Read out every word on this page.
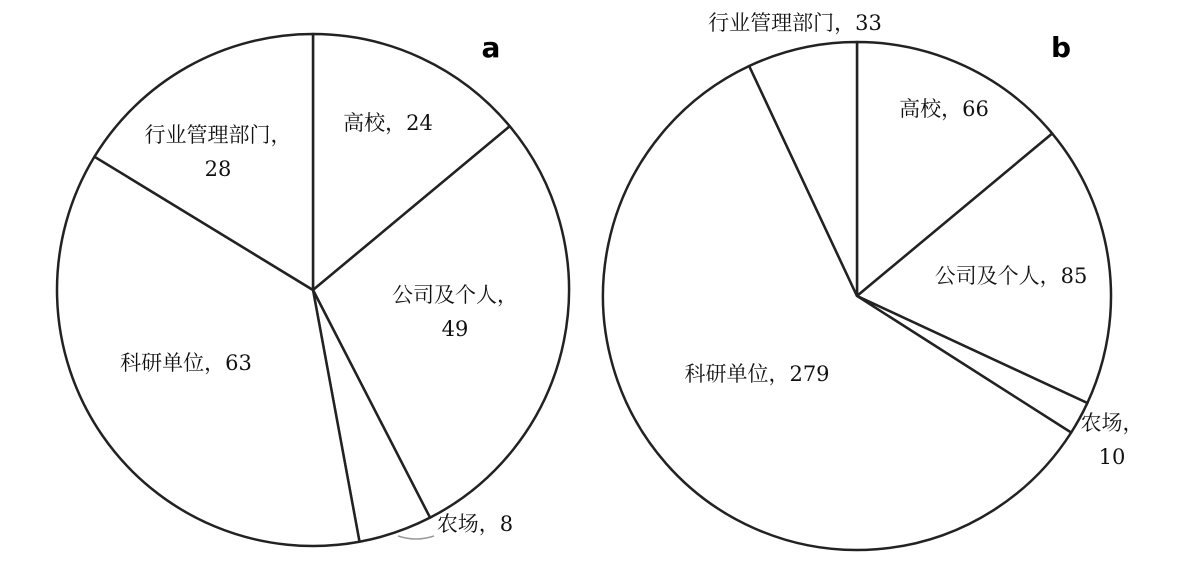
高校，24
公司及个人， 49
农场，8
科研单位，63
行业管理部门， 28
a
高校，66
公司及个人，85
农场， 10
科研单位，279
行业管理部门，33
b
